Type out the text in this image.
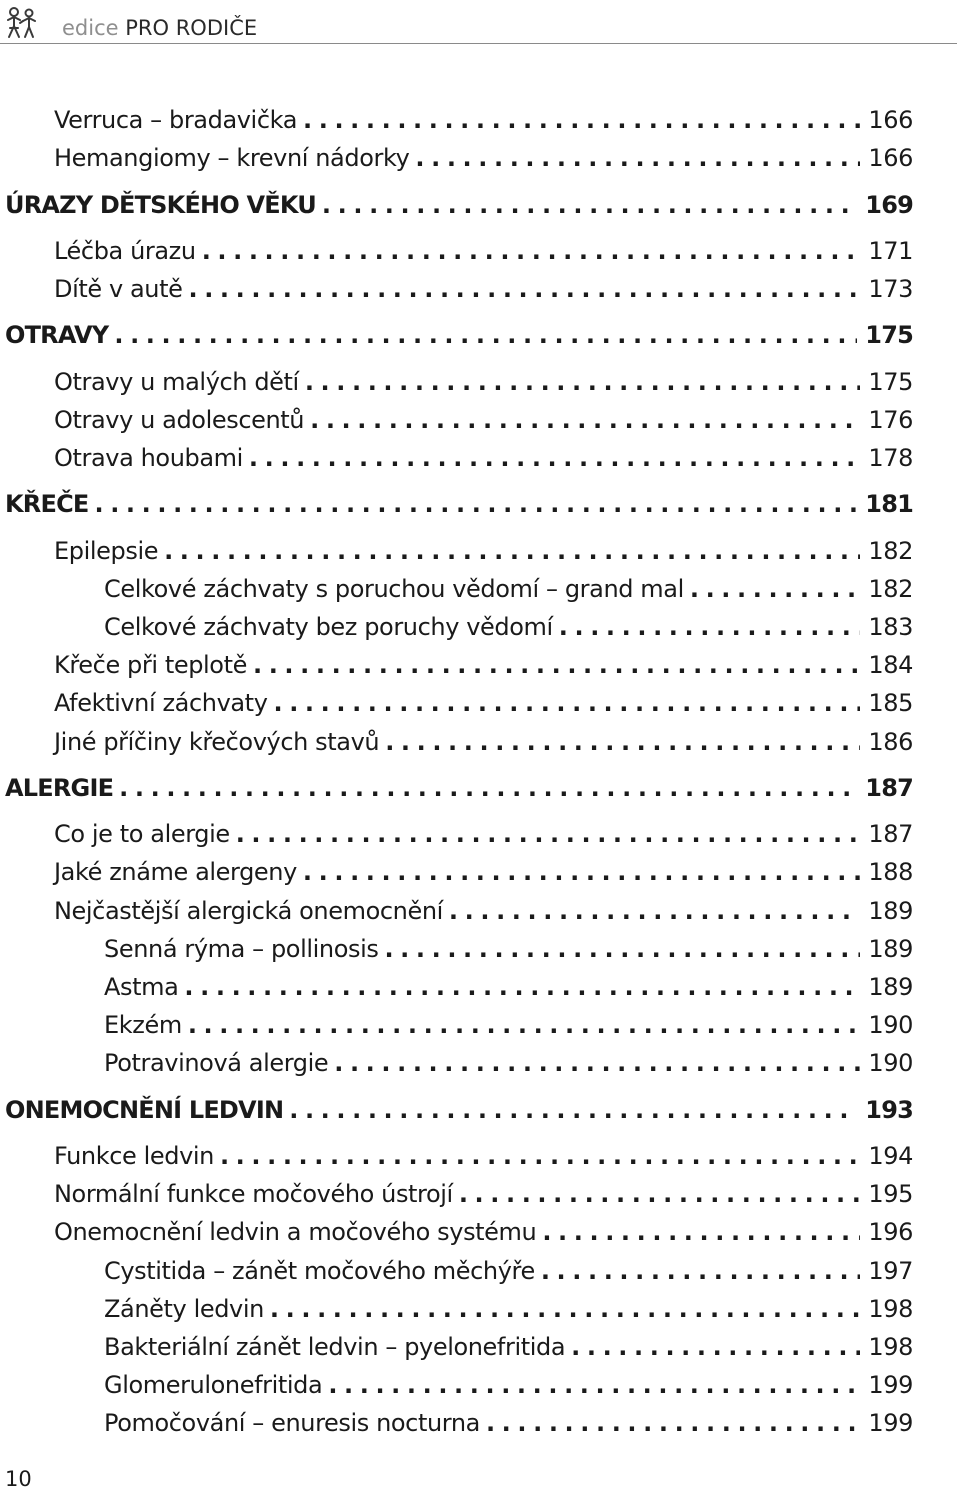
edice PRO RODIČE
Verruca – bradavička .....	166
Hemangiomy – krevní nádorky .....	166
ÚRAZY DĚTSKÉHO VĚKU .....	169
Léčba úrazu .....	171
Dítě v autě .....	173
OTRAVY .....	175
Otravy u malých dětí .....	175
Otravy u adolescentů .....	176
Otrava houbami .....	178
KŘEČE .....	181
Epilepsie .....	182
Celkové záchvaty s poruchou vědomí – grand mal .....	182
Celkové záchvaty bez poruchy vědomí .....	183
Křeče při teplotě .....	184
Afektivní záchvaty .....	185
Jiné příčiny křečových stavů .....	186
ALERGIE .....	187
Co je to alergie .....	187
Jaké známe alergeny .....	188
Nejčastější alergická onemocnění .....	189
Senná rýma – pollinosis .....	189
Astma .....	189
Ekzém .....	190
Potravinová alergie .....	190
ONEMOCNĚNÍ LEDVIN .....	193
Funkce ledvin .....	194
Normální funkce močového ústrojí .....	195
Onemocnění ledvin a močového systému .....	196
Cystitida – zánět močového měchýře .....	197
Záněty ledvin .....	198
Bakteriální zánět ledvin – pyelonefritida .....	198
Glomerulonefritida .....	199
Pomočování – enuresis nocturna .....	199
10
